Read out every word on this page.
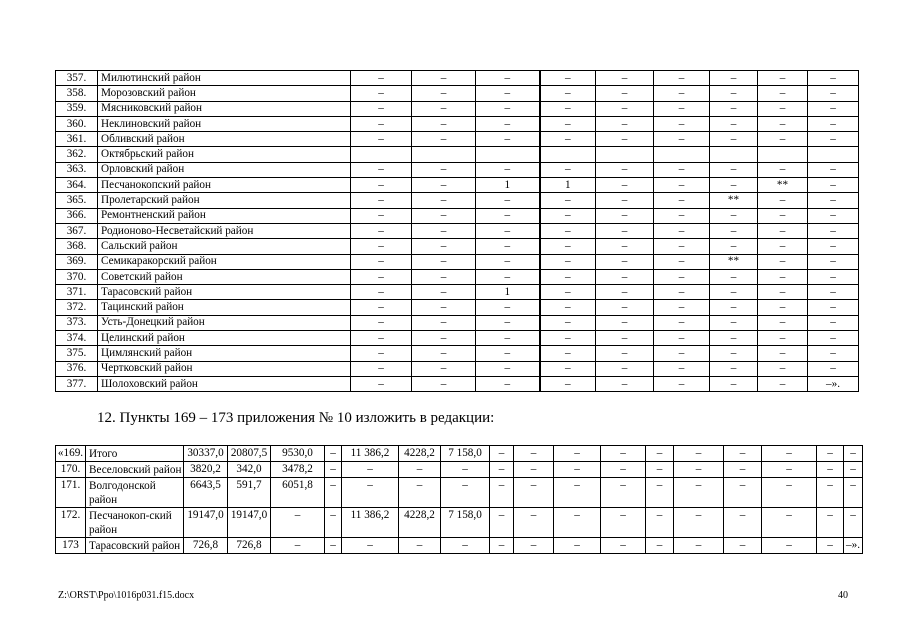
357.	Милютинский район	–	–	–	–	–	–	–	–	–
358.	Морозовский район	–	–	–	–	–	–	–	–	–
359.	Мясниковский район	–	–	–	–	–	–	–	–	–
360.	Неклиновский район	–	–	–	–	–	–	–	–	–
361.	Обливский район	–	–	–	–	–	–	–	–	–
362.	Октябрьский район									
363.	Орловский район	–	–	–	–	–	–	–	–	–
364.	Песчанокопский район	–	–	1	1	–	–	–	**	–
365.	Пролетарский район	–	–	–	–	–	–	**	–	–
366.	Ремонтненский район	–	–	–	–	–	–	–	–	–
367.	Родионово-Несветайский район	–	–	–	–	–	–	–	–	–
368.	Сальский район	–	–	–	–	–	–	–	–	–
369.	Семикаракорский район	–	–	–	–	–	–	**	–	–
370.	Советский район	–	–	–	–	–	–	–	–	–
371.	Тарасовский район	–	–	1	–	–	–	–	–	–
372.	Тацинский район	–	–	–	–	–	–	–	–	–
373.	Усть-Донецкий район	–	–	–	–	–	–	–	–	–
374.	Целинский район	–	–	–	–	–	–	–	–	–
375.	Цимлянский район	–	–	–	–	–	–	–	–	–
376.	Чертковский район	–	–	–	–	–	–	–	–	–
377.	Шолоховский район	–	–	–	–	–	–	–	–	–».
12. Пункты 169 – 173 приложения № 10 изложить в редакции:
«169.	Итого	30337,0	20807,5	9530,0	–	11 386,2	4228,2	7 158,0	–	–	–	–	–	–	–	–	–	–
170.	Веселовский район	3820,2	342,0	3478,2	–	–	–	–	–	–	–	–	–	–	–	–	–	–
171.	Волгодонской район	6643,5	591,7	6051,8	–	–	–	–	–	–	–	–	–	–	–	–	–	–
172.	Песчанокоп-ский район	19147,0	19147,0	–	–	11 386,2	4228,2	7 158,0	–	–	–	–	–	–	–	–	–	–
173	Тарасовский район	726,8	726,8	–	–	–	–	–	–	–	–	–	–	–	–	–	–	–».
Z:\ORST\Ppo\1016p031.f15.docx	40
